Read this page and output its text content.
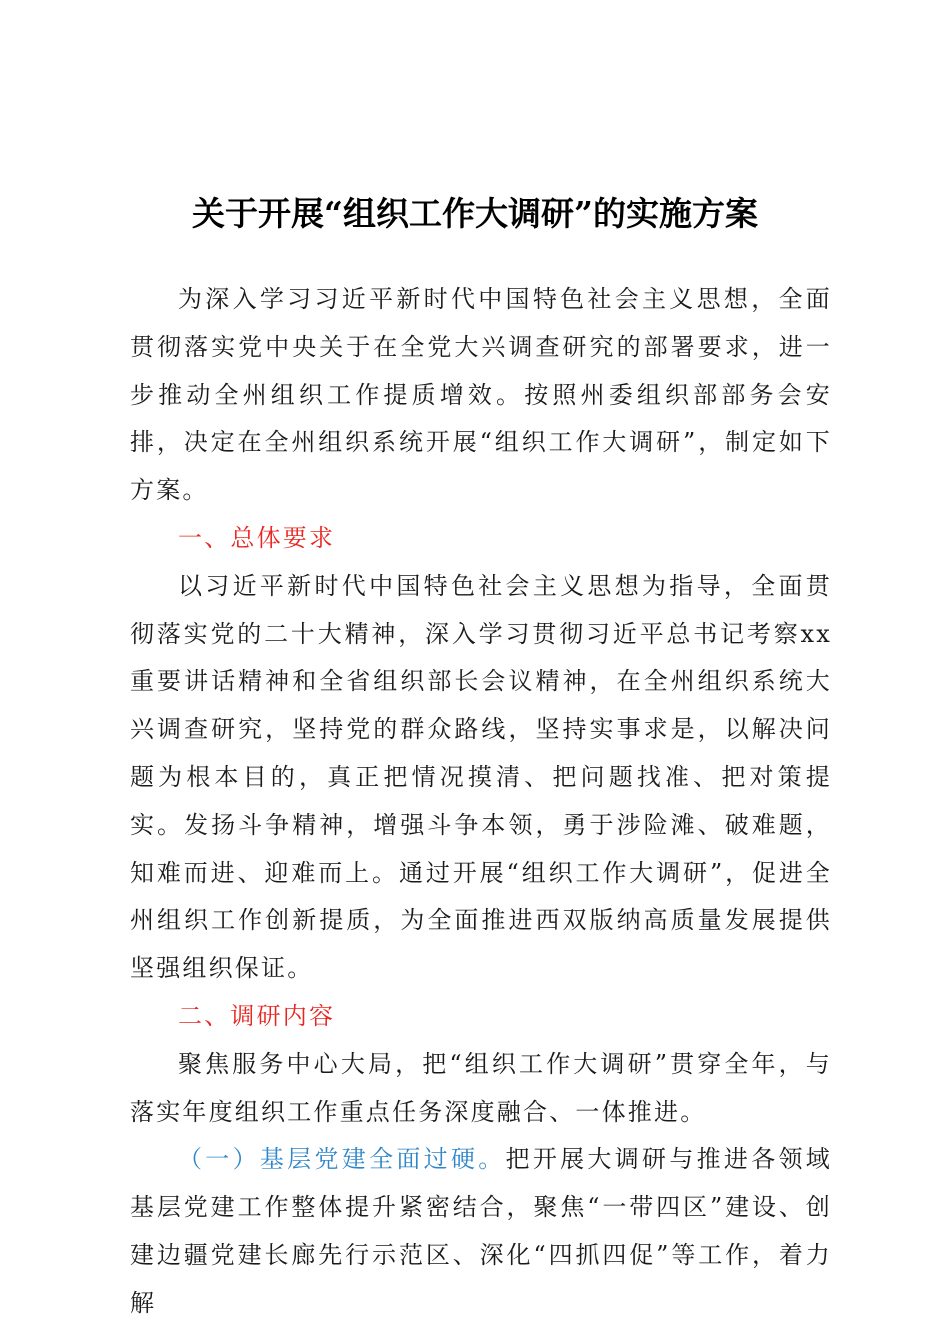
关于开展“组织工作大调研”的实施方案

为深入学习习近平新时代中国特色社会主义思想，全面贯彻落实党中央关于在全党大兴调查研究的部署要求，进一步推动全州组织工作提质增效。按照州委组织部部务会安排，决定在全州组织系统开展“组织工作大调研”，制定如下方案。

一、总体要求

以习近平新时代中国特色社会主义思想为指导，全面贯彻落实党的二十大精神，深入学习贯彻习近平总书记考察xx重要讲话精神和全省组织部长会议精神，在全州组织系统大兴调查研究，坚持党的群众路线，坚持实事求是，以解决问题为根本目的，真正把情况摸清、把问题找准、把对策提实。发扬斗争精神，增强斗争本领，勇于涉险滩、破难题，知难而进、迎难而上。通过开展“组织工作大调研”，促进全州组织工作创新提质，为全面推进西双版纳高质量发展提供坚强组织保证。

二、调研内容

聚焦服务中心大局，把“组织工作大调研”贯穿全年，与落实年度组织工作重点任务深度融合、一体推进。

（一）基层党建全面过硬。把开展大调研与推进各领域基层党建工作整体提升紧密结合，聚焦“一带四区”建设、创建边疆党建长廊先行示范区、深化“四抓四促”等工作，着力解
